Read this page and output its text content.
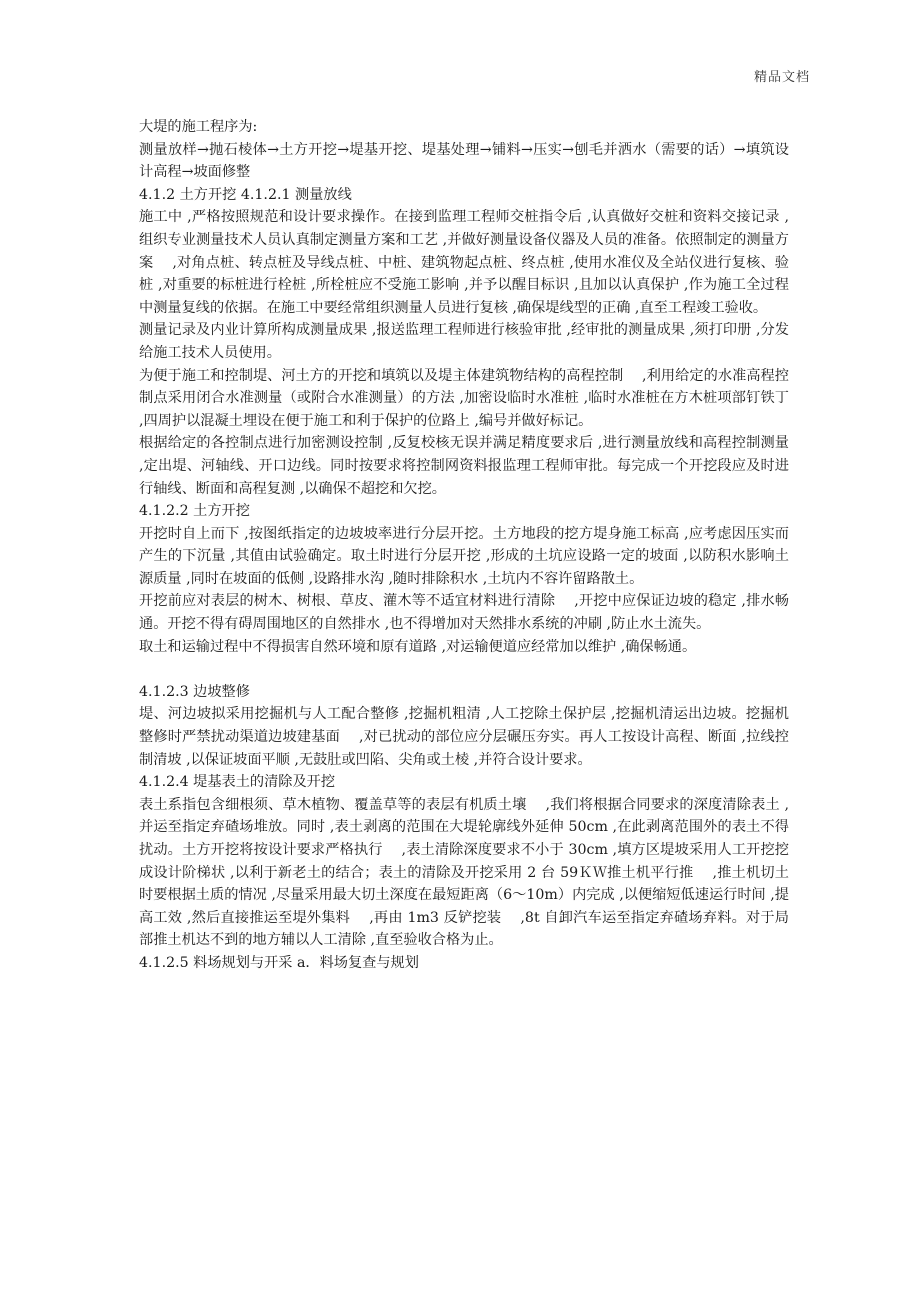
精品文档

大堤的施工程序为:

测量放样→抛石棱体→土方开挖→堤基开挖、堤基处理→铺料→压实→刨毛并洒水（需要的话）→填筑设计高程→坡面修整

4.1.2 土方开挖 4.1.2.1 测量放线

施工中 ,严格按照规范和设计要求操作。在接到监理工程师交桩指令后 ,认真做好交桩和资料交接记录 ,组织专业测量技术人员认真制定测量方案和工艺 ,并做好测量设备仪器及人员的准备。依照制定的测量方案 　,对角点桩、转点桩及导线点桩、中桩、建筑物起点桩、终点桩 ,使用水准仪及全站仪进行复核、验桩 ,对重要的标桩进行栓桩 ,所栓桩应不受施工影响 ,并予以醒目标识 ,且加以认真保护 ,作为施工全过程中测量复线的依据。在施工中要经常组织测量人员进行复核 ,确保堤线型的正确 ,直至工程竣工验收。

测量记录及内业计算所构成测量成果 ,报送监理工程师进行核验审批 ,经审批的测量成果 ,须打印册 ,分发给施工技术人员使用。

为便于施工和控制堤、河土方的开挖和填筑以及堤主体建筑物结构的高程控制 　,利用给定的水准高程控制点采用闭合水准测量（或附合水准测量）的方法 ,加密设临时水准桩 ,临时水准桩在方木桩项部钉铁丁 ,四周护以混凝土埋设在便于施工和利于保护的位路上 ,编号并做好标记。

根据给定的各控制点进行加密测设控制 ,反复校核无误并满足精度要求后 ,进行测量放线和高程控制测量 ,定出堤、河轴线、开口边线。同时按要求将控制网资料报监理工程师审批。每完成一个开挖段应及时进行轴线、断面和高程复测 ,以确保不超挖和欠挖。

4.1.2.2 土方开挖

开挖时自上而下 ,按图纸指定的边坡坡率进行分层开挖。土方地段的挖方堤身施工标高 ,应考虑因压实而产生的下沉量 ,其值由试验确定。取土时进行分层开挖 ,形成的土坑应设路一定的坡面 ,以防积水影响土源质量 ,同时在坡面的低侧 ,设路排水沟 ,随时排除积水 ,土坑内不容许留路散土。

开挖前应对表层的树木、树根、草皮、灌木等不适宜材料进行清除 　,开挖中应保证边坡的稳定 ,排水畅通。开挖不得有碍周围地区的自然排水 ,也不得增加对天然排水系统的冲刷 ,防止水土流失。

取土和运输过程中不得损害自然环境和原有道路 ,对运输便道应经常加以维护 ,确保畅通。

4.1.2.3 边坡整修

堤、河边坡拟采用挖掘机与人工配合整修 ,挖掘机粗清 ,人工挖除土保护层 ,挖掘机清运出边坡。挖掘机整修时严禁扰动渠道边坡建基面 　,对已扰动的部位应分层碾压夯实。再人工按设计高程、断面 ,拉线控制清坡 ,以保证坡面平顺 ,无鼓肚或凹陷、尖角或土棱 ,并符合设计要求。

4.1.2.4 堤基表土的清除及开挖

表土系指包含细根须、草木植物、覆盖草等的表层有机质土壤 　,我们将根据合同要求的深度清除表土 ,并运至指定弃碴场堆放。同时 ,表土剥离的范围在大堤轮廓线外延伸 50cm ,在此剥离范围外的表土不得扰动。土方开挖将按设计要求严格执行 　,表土清除深度要求不小于 30cm ,填方区堤坡采用人工开挖挖成设计阶梯状 ,以利于新老土的结合；表土的清除及开挖采用 2 台 59ＫＷ推土机平行推 　,推土机切土时要根据土质的情况 ,尽量采用最大切土深度在最短距离（6～10m）内完成 ,以便缩短低速运行时间 ,提高工效 ,然后直接推运至堤外集料 　,再由 1m3 反铲挖装 　,8t 自卸汽车运至指定弃碴场弃料。对于局部推土机达不到的地方辅以人工清除 ,直至验收合格为止。

4.1.2.5 料场规划与开采 a．料场复查与规划
